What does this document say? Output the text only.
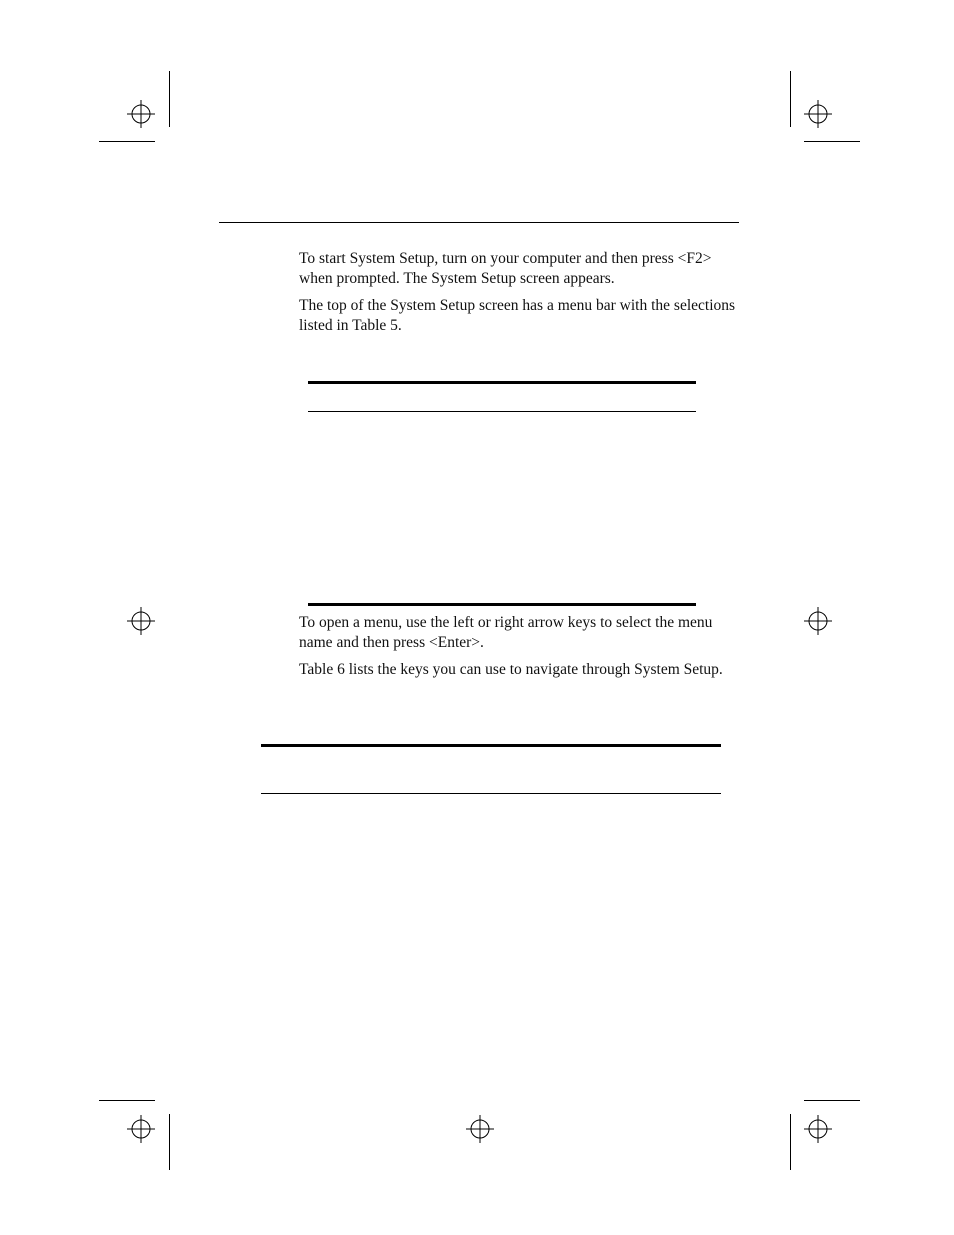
To start System Setup, turn on your computer and then press <F2> when prompted. The System Setup screen appears.

The top of the System Setup screen has a menu bar with the selections listed in Table 5.

To open a menu, use the left or right arrow keys to select the menu name and then press <Enter>.

Table 6 lists the keys you can use to navigate through System Setup.
